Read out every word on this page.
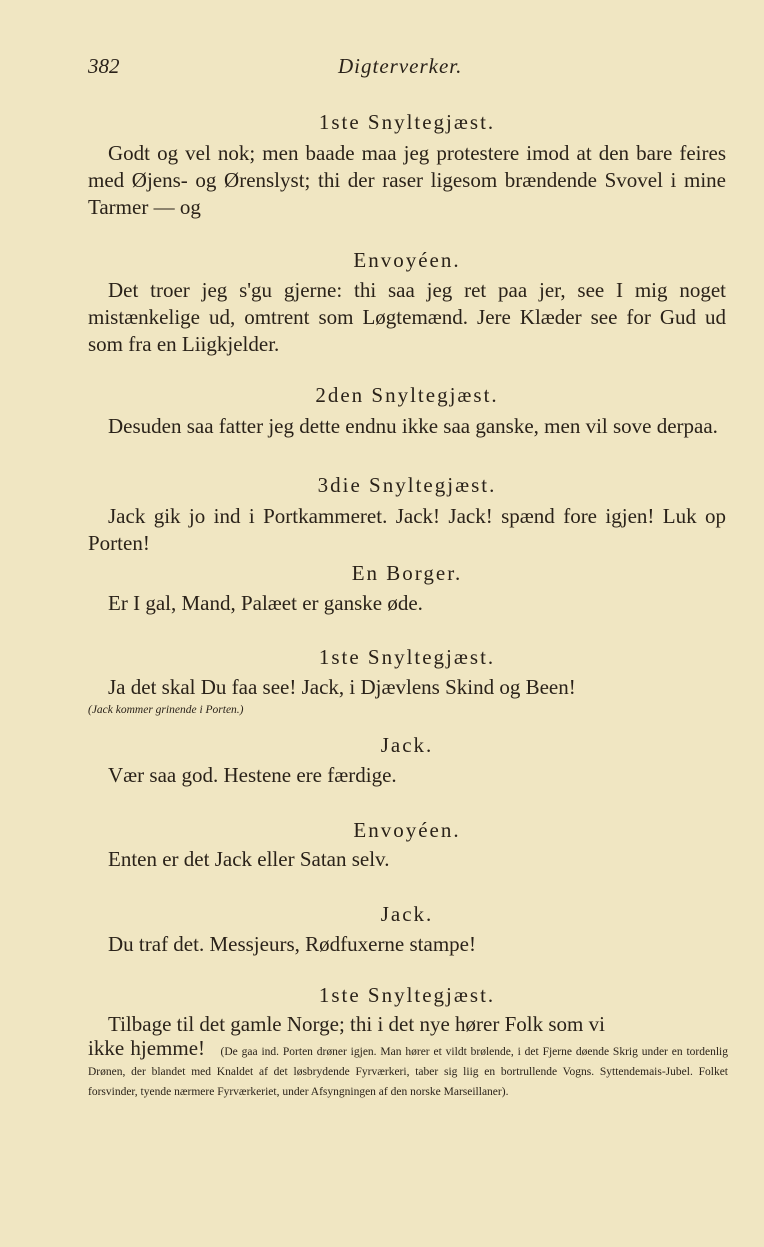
382	Digterverker.
1ste Snyltegjæst.
Godt og vel nok; men baade maa jeg protestere imod at den bare feires med Øjens- og Ørenslyst; thi der raser ligesom brændende Svovel i mine Tarmer — og
Envoyéen.
Det troer jeg s'gu gjerne: thi saa jeg ret paa jer, see I mig noget mistænkelige ud, omtrent som Løgtemænd. Jere Klæder see for Gud ud som fra en Liigkjelder.
2den Snyltegjæst.
Desuden saa fatter jeg dette endnu ikke saa ganske, men vil sove derpaa.
3die Snyltegjæst.
Jack gik jo ind i Portkammeret. Jack! Jack! spænd fore igjen! Luk op Porten!
En Borger.
Er I gal, Mand, Palæet er ganske øde.
1ste Snyltegjæst.
Ja det skal Du faa see! Jack, i Djævlens Skind og Been!
(Jack kommer grinende i Porten.)
Jack.
Vær saa god. Hestene ere færdige.
Envoyéen.
Enten er det Jack eller Satan selv.
Jack.
Du traf det. Messjeurs, Rødfuxerne stampe!
1ste Snyltegjæst.
Tilbage til det gamle Norge; thi i det nye hører Folk som vi
ikke hjemme! (De gaa ind. Porten drøner igjen. Man hører et vildt brølende, i det Fjerne døende Skrig under en tordenlig Drønen, der blandet med Knaldet af det løsbrydende Fyrværkeri, taber sig liig en bortrullende Vogns. Syttendemais-Jubel. Folket forsvinder, tyende nærmere Fyrværkeriet, under Afsyngningen af den norske Marseillaner).
